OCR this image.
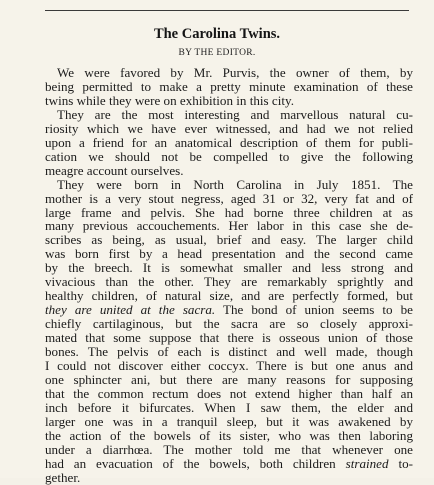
The Carolina Twins.
BY THE EDITOR.
We were favored by Mr. Purvis, the owner of them, by
being permitted to make a pretty minute examination of these
twins while they were on exhibition in this city.
They are the most interesting and marvellous natural cu-
riosity which we have ever witnessed, and had we not relied
upon a friend for an anatomical description of them for publi-
cation we should not be compelled to give the following
meagre account ourselves.
They were born in North Carolina in July 1851. The
mother is a very stout negress, aged 31 or 32, very fat and of
large frame and pelvis. She had borne three children at as
many previous accouchements. Her labor in this case she de-
scribes as being, as usual, brief and easy. The larger child
was born first by a head presentation and the second came
by the breech. It is somewhat smaller and less strong and
vivacious than the other. They are remarkably sprightly and
healthy children, of natural size, and are perfectly formed, but
they are united at the sacra. The bond of union seems to be
chiefly cartilaginous, but the sacra are so closely approxi-
mated that some suppose that there is osseous union of those
bones. The pelvis of each is distinct and well made, though
I could not discover either coccyx. There is but one anus and
one sphincter ani, but there are many reasons for supposing
that the common rectum does not extend higher than half an
inch before it bifurcates. When I saw them, the elder and
larger one was in a tranquil sleep, but it was awakened by
the action of the bowels of its sister, who was then laboring
under a diarrhœa. The mother told me that whenever one
had an evacuation of the bowels, both children strained to-
gether.
